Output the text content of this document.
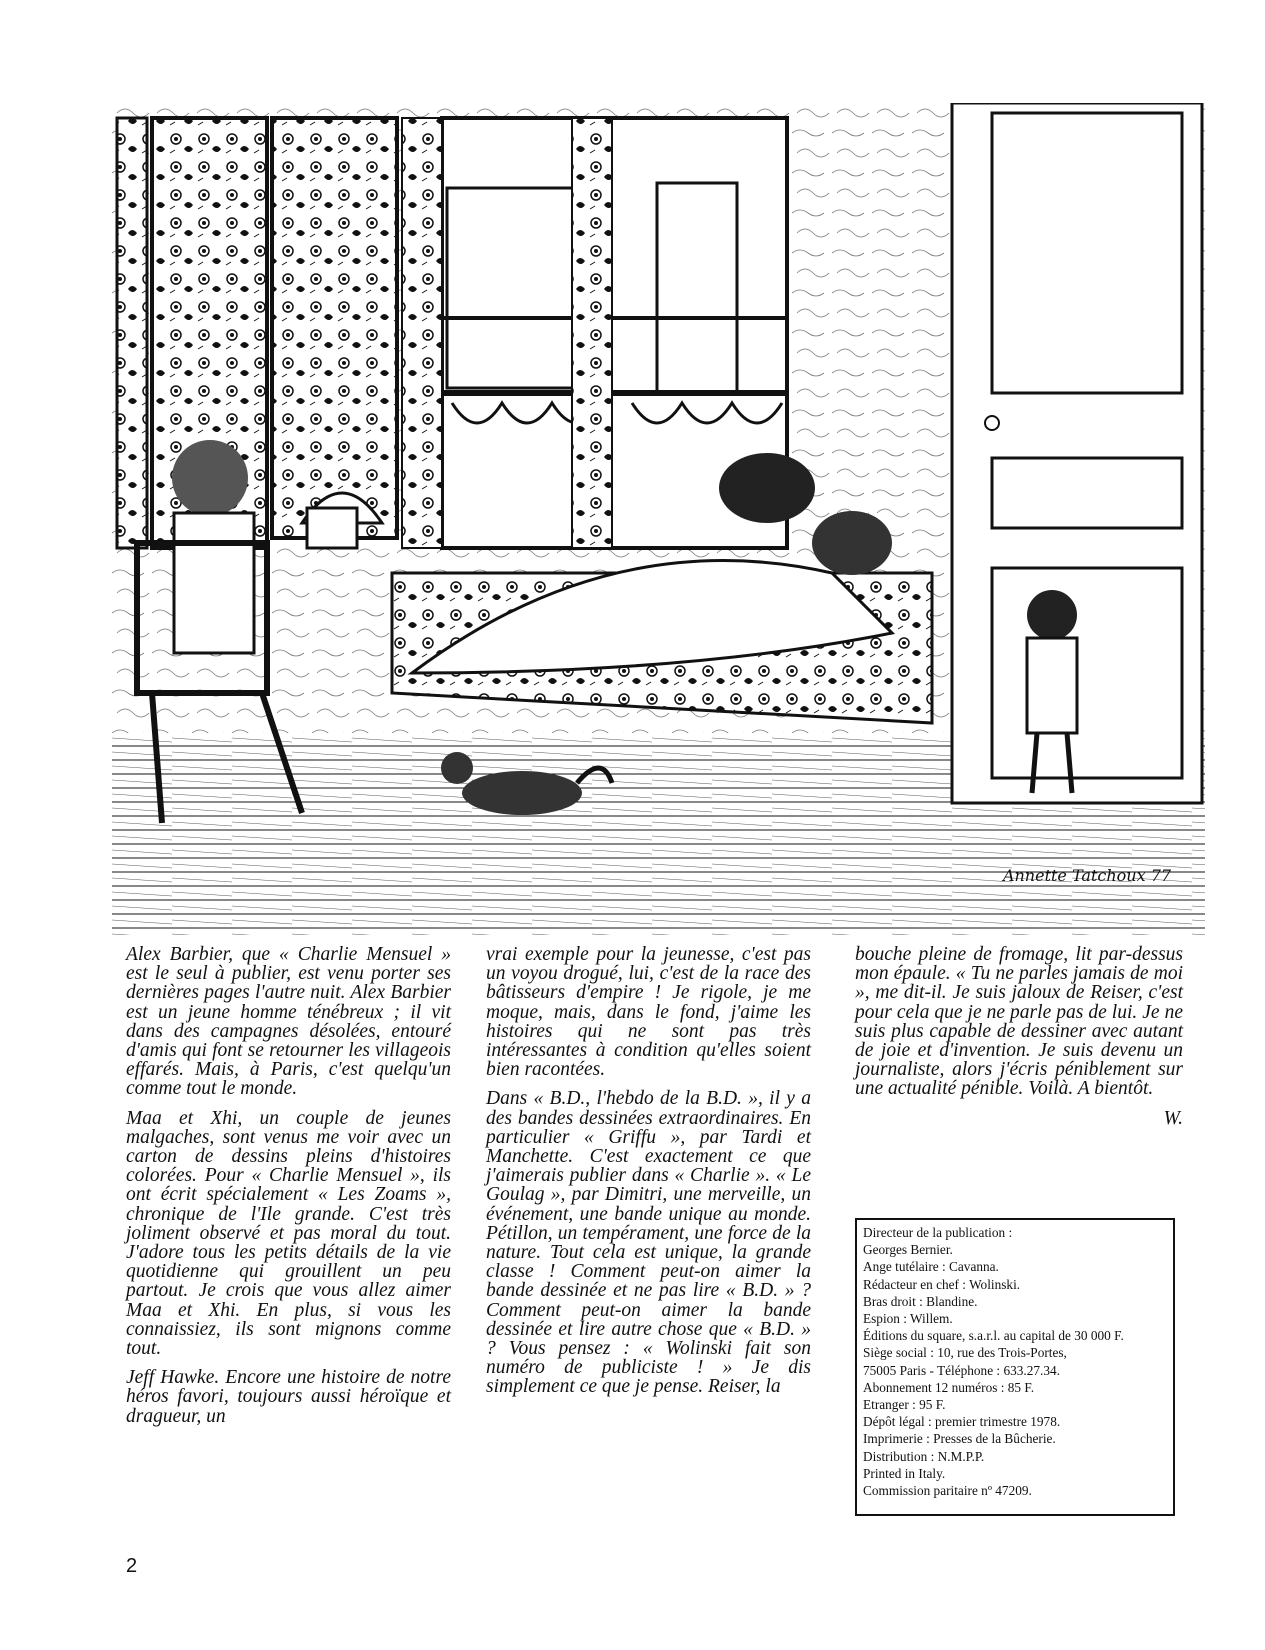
Annette Tatchoux 77

Alex Barbier, que « Charlie Mensuel » est le seul à publier, est venu porter ses dernières pages l'autre nuit. Alex Barbier est un jeune homme ténébreux ; il vit dans des campagnes désolées, entouré d'amis qui font se retourner les villageois effarés. Mais, à Paris, c'est quelqu'un comme tout le monde.

Maa et Xhi, un couple de jeunes malgaches, sont venus me voir avec un carton de dessins pleins d'histoires colorées. Pour « Charlie Mensuel », ils ont écrit spécialement « Les Zoams », chronique de l'Ile grande. C'est très joliment observé et pas moral du tout. J'adore tous les petits détails de la vie quotidienne qui grouillent un peu partout. Je crois que vous allez aimer Maa et Xhi. En plus, si vous les connaissiez, ils sont mignons comme tout.

Jeff Hawke. Encore une histoire de notre héros favori, toujours aussi héroïque et dragueur, un

vrai exemple pour la jeunesse, c'est pas un voyou drogué, lui, c'est de la race des bâtisseurs d'empire ! Je rigole, je me moque, mais, dans le fond, j'aime les histoires qui ne sont pas très intéressantes à condition qu'elles soient bien racontées.

Dans « B.D., l'hebdo de la B.D. », il y a des bandes dessinées extraordinaires. En particulier « Griffu », par Tardi et Manchette. C'est exactement ce que j'aimerais publier dans « Charlie ». « Le Goulag », par Dimitri, une merveille, un événement, une bande unique au monde. Pétillon, un tempérament, une force de la nature. Tout cela est unique, la grande classe ! Comment peut-on aimer la bande dessinée et ne pas lire « B.D. » ? Comment peut-on aimer la bande dessinée et lire autre chose que « B.D. » ? Vous pensez : « Wolinski fait son numéro de publiciste ! » Je dis simplement ce que je pense. Reiser, la

bouche pleine de fromage, lit par-dessus mon épaule. « Tu ne parles jamais de moi », me dit-il. Je suis jaloux de Reiser, c'est pour cela que je ne parle pas de lui. Je ne suis plus capable de dessiner avec autant de joie et d'invention. Je suis devenu un journaliste, alors j'écris péniblement sur une actualité pénible. Voilà. A bientôt.

W.
Directeur de la publication :
Georges Bernier.
Ange tutélaire : Cavanna.
Rédacteur en chef : Wolinski.
Bras droit : Blandine.
Espion : Willem.
Éditions du square, s.a.r.l. au capital de 30 000 F.
Siège social : 10, rue des Trois-Portes,
75005 Paris - Téléphone : 633.27.34.
Abonnement 12 numéros : 85 F.
Etranger : 95 F.
Dépôt légal : premier trimestre 1978.
Imprimerie : Presses de la Bûcherie.
Distribution : N.M.P.P.
Printed in Italy.
Commission paritaire nº 47209.
2
